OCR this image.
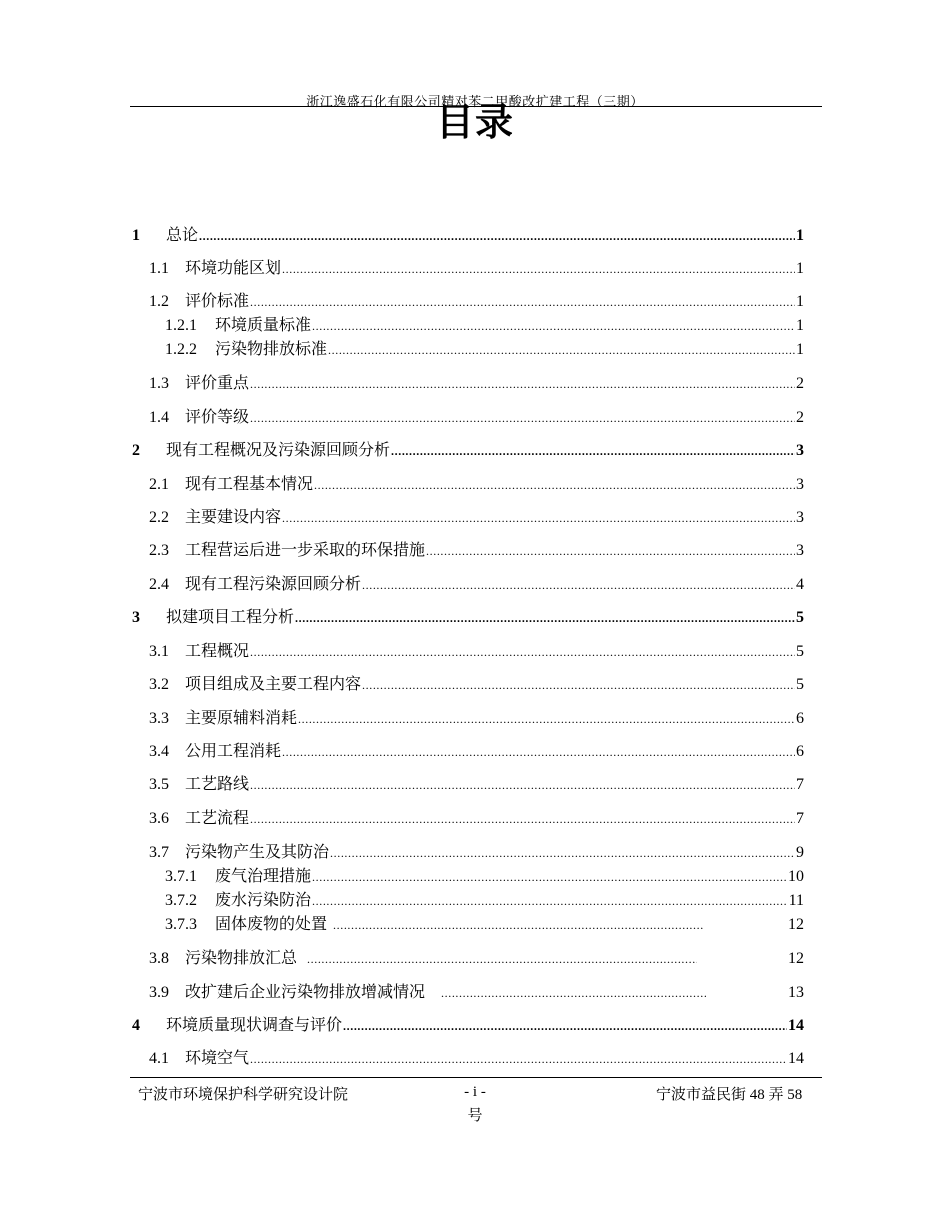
浙江逸盛石化有限公司精对苯二甲酸改扩建工程（三期）
目录
1	总论 .....	1
1.1	环境功能区划 .....	1
1.2	评价标准 .....	1
1.2.1	环境质量标准 .....	1
1.2.2	污染物排放标准 .....	1
1.3	评价重点 .....	2
1.4	评价等级 .....	2
2	现有工程概况及污染源回顾分析 .....	3
2.1	现有工程基本情况 .....	3
2.2	主要建设内容 .....	3
2.3	工程营运后进一步采取的环保措施 .....	3
2.4	现有工程污染源回顾分析 .....	4
3	拟建项目工程分析 .....	5
3.1	工程概况 .....	5
3.2	项目组成及主要工程内容 .....	5
3.3	主要原辅料消耗 .....	6
3.4	公用工程消耗 .....	6
3.5	工艺路线 .....	7
3.6	工艺流程 .....	7
3.7	污染物产生及其防治 .....	9
3.7.1	废气治理措施 .....	10
3.7.2	废水污染防治 .....	11
3.7.3	固体废物的处置 .....	12
3.8	污染物排放汇总 .....	12
3.9	改扩建后企业污染物排放增减情况 .....	13
4	环境质量现状调查与评价 .....	14
4.1	环境空气 .....	14
宁波市环境保护科学研究设计院	- i -
号
宁波市益民街 48 弄 58
